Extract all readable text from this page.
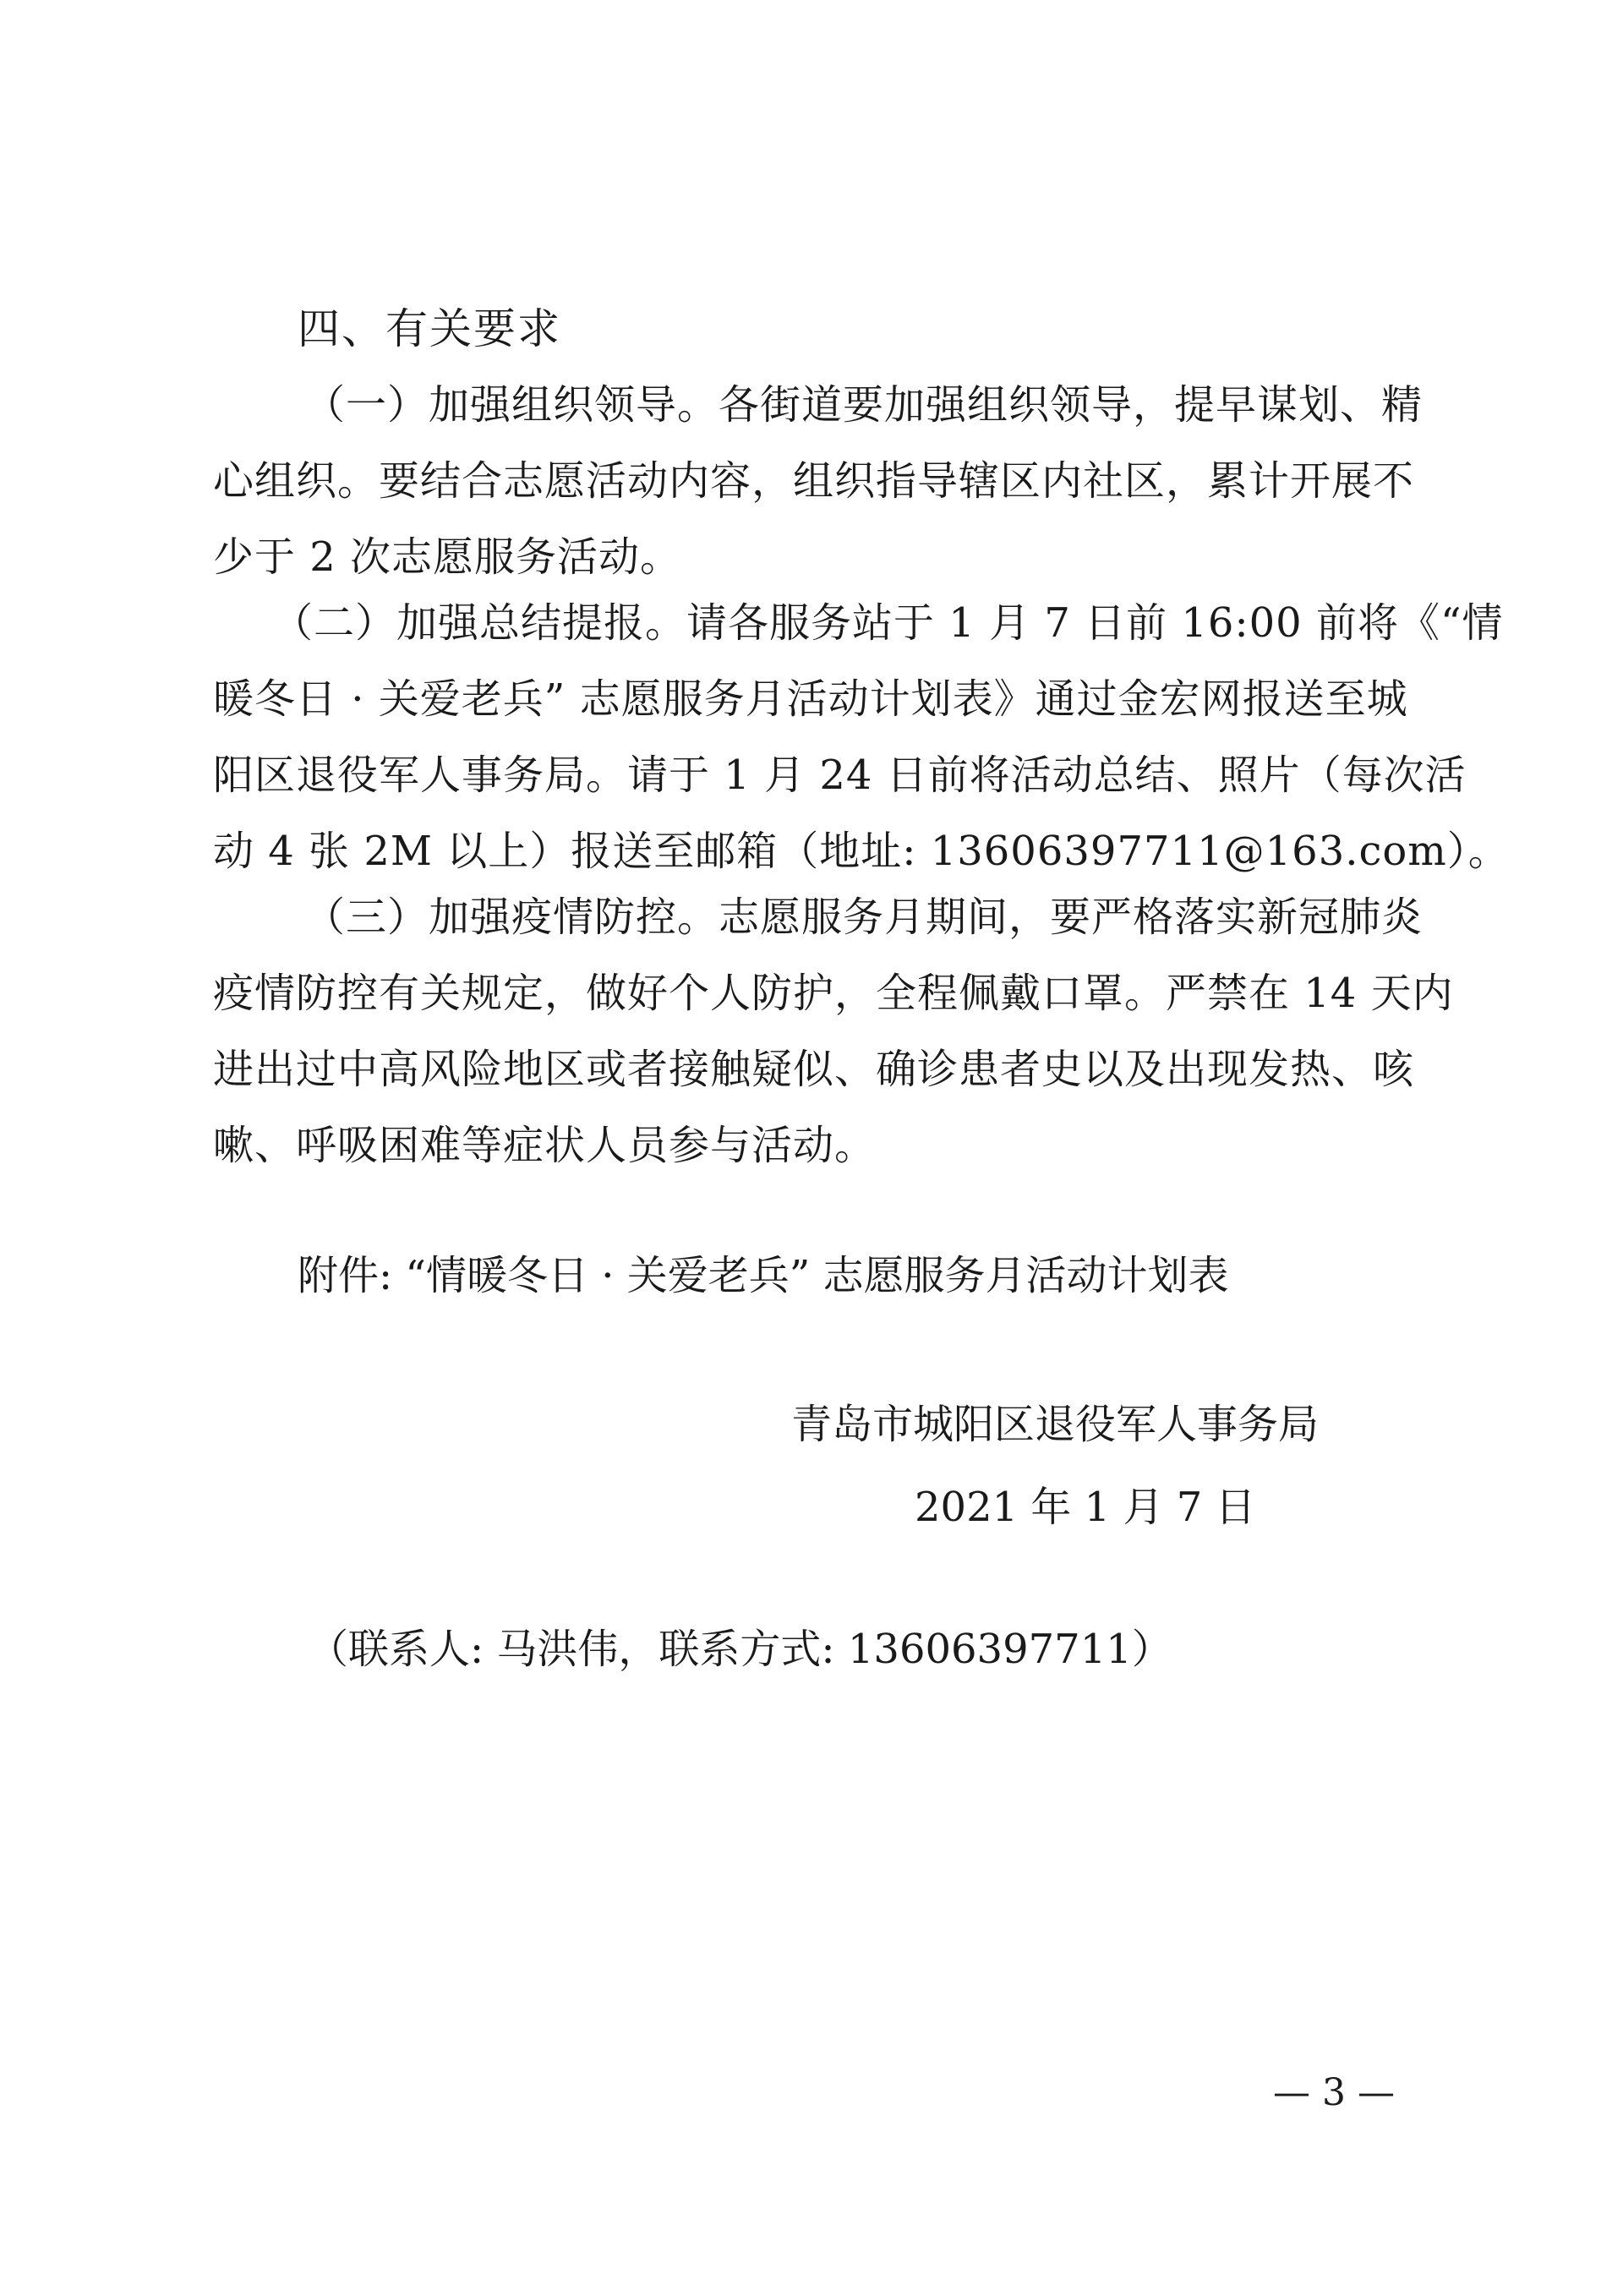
四、有关要求
（一）加强组织领导。各街道要加强组织领导，提早谋划、精
心组织。要结合志愿活动内容，组织指导辖区内社区，累计开展不
少于 2 次志愿服务活动。
（二）加强总结提报。请各服务站于 1 月 7 日前 16:00 前将《“情
暖冬日 · 关爱老兵” 志愿服务月活动计划表》通过金宏网报送至城
阳区退役军人事务局。请于 1 月 24 日前将活动总结、照片（每次活
动 4 张 2M 以上）报送至邮箱（地址: 13606397711@163.com）。
（三）加强疫情防控。志愿服务月期间，要严格落实新冠肺炎
疫情防控有关规定，做好个人防护，全程佩戴口罩。严禁在 14 天内
进出过中高风险地区或者接触疑似、确诊患者史以及出现发热、咳
嗽、呼吸困难等症状人员参与活动。
附件: “情暖冬日 · 关爱老兵” 志愿服务月活动计划表
青岛市城阳区退役军人事务局
2021 年 1 月 7 日
（联系人: 马洪伟，联系方式: 13606397711）
— 3 —
